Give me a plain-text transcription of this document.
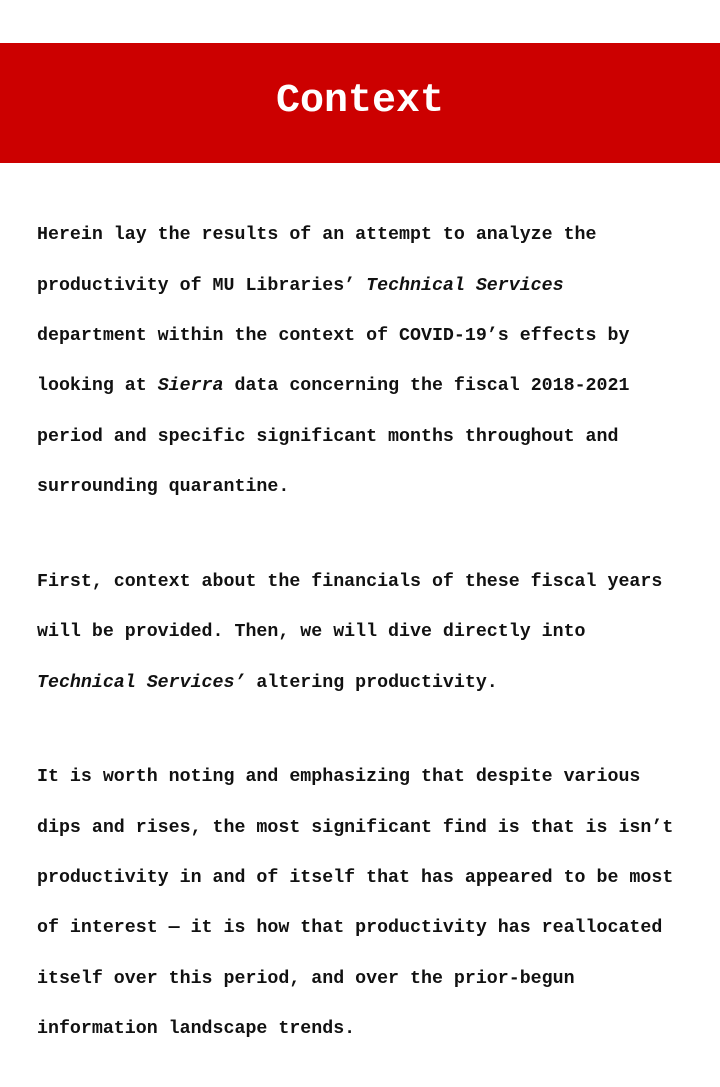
Context

Herein lay the results of an attempt to analyze the

productivity of MU Libraries’ Technical Services

department within the context of COVID-19’s effects by

looking at Sierra data concerning the fiscal 2018-2021

period and specific significant months throughout and

surrounding quarantine.

First, context about the financials of these fiscal years

will be provided. Then, we will dive directly into

Technical Services’ altering productivity.

It is worth noting and emphasizing that despite various

dips and rises, the most significant find is that is isn’t

productivity in and of itself that has appeared to be most

of interest — it is how that productivity has reallocated

itself over this period, and over the prior-begun

information landscape trends.
